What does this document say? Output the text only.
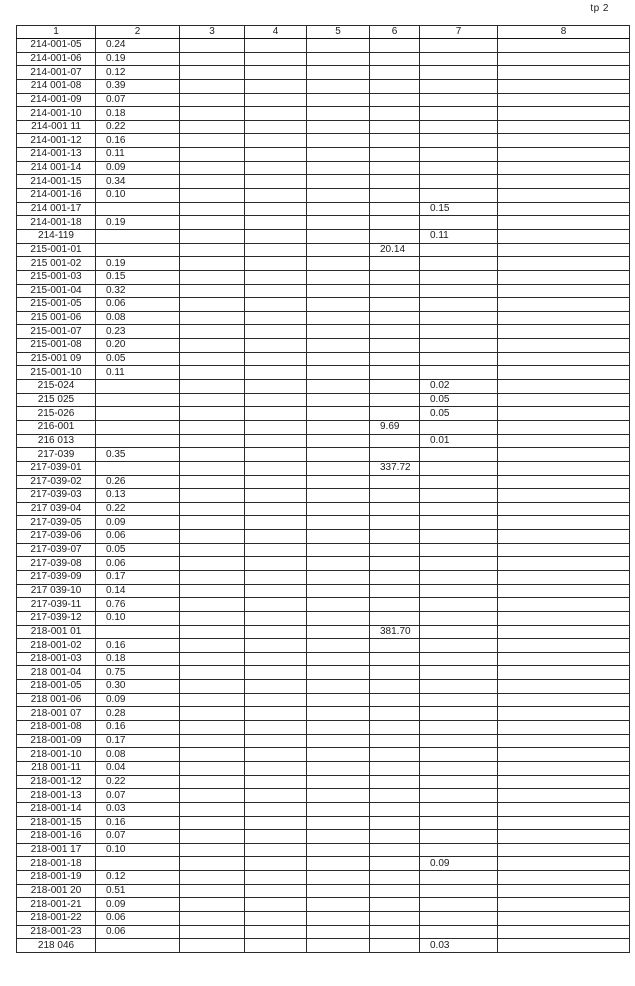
tp 2
1	2	3	4	5	6	7	8
214-001-05	0.24						
214-001-06	0.19						
214-001-07	0.12						
214 001-08	0.39						
214-001-09	0.07						
214-001-10	0.18						
214-001 11	0.22						
214-001-12	0.16						
214-001-13	0.11						
214 001-14	0.09						
214-001-15	0.34						
214-001-16	0.10						
214 001-17						0.15	
214-001-18	0.19						
214-119						0.11	
215-001-01					20.14		
215 001-02	0.19						
215-001-03	0.15						
215-001-04	0.32						
215-001-05	0.06						
215 001-06	0.08						
215-001-07	0.23						
215-001-08	0.20						
215-001 09	0.05						
215-001-10	0.11						
215-024						0.02	
215 025						0.05	
215-026						0.05	
216-001					9.69		
216 013						0.01	
217-039	0.35						
217-039-01					337.72		
217-039-02	0.26						
217-039-03	0.13						
217 039-04	0.22						
217-039-05	0.09						
217-039-06	0.06						
217-039-07	0.05						
217-039-08	0.06						
217-039-09	0.17						
217 039-10	0.14						
217-039-11	0.76						
217-039-12	0.10						
218-001 01					381.70		
218-001-02	0.16						
218-001-03	0.18						
218 001-04	0.75						
218-001-05	0.30						
218 001-06	0.09						
218-001 07	0.28						
218-001-08	0.16						
218-001-09	0.17						
218-001-10	0.08						
218 001-11	0.04						
218-001-12	0.22						
218-001-13	0.07						
218-001-14	0.03						
218-001-15	0.16						
218-001-16	0.07						
218-001 17	0.10						
218-001-18						0.09	
218-001-19	0.12						
218-001 20	0.51						
218-001-21	0.09						
218-001-22	0.06						
218-001-23	0.06						
218 046						0.03	
